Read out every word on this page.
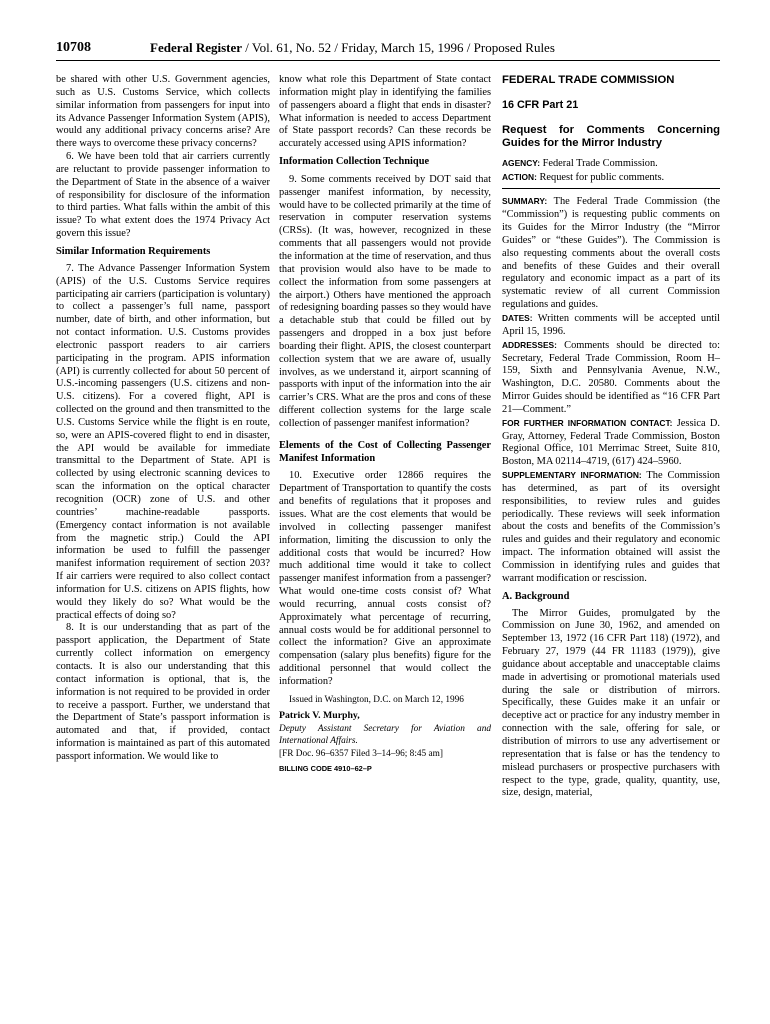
10708	Federal Register / Vol. 61, No. 52 / Friday, March 15, 1996 / Proposed Rules

be shared with other U.S. Government agencies, such as U.S. Customs Service, which collects similar information from passengers for input into its Advance Passenger Information System (APIS), would any additional privacy concerns arise? Are there ways to overcome these privacy concerns?

6. We have been told that air carriers currently are reluctant to provide passenger information to the Department of State in the absence of a waiver of responsibility for disclosure of the information to third parties. What falls within the ambit of this issue? To what extent does the 1974 Privacy Act govern this issue?

Similar Information Requirements

7. The Advance Passenger Information System (APIS) of the U.S. Customs Service requires participating air carriers (participation is voluntary) to collect a passenger’s full name, passport number, date of birth, and other information, but not contact information. U.S. Customs provides electronic passport readers to air carriers participating in the program. APIS information (API) is currently collected for about 50 percent of U.S.-incoming passengers (U.S. citizens and non-U.S. citizens). For a covered flight, API is collected on the ground and then transmitted to the U.S. Customs Service while the flight is en route, so, were an APIS-covered flight to end in disaster, the API would be available for immediate transmittal to the Department of State. API is collected by using electronic scanning devices to scan the information on the optical character recognition (OCR) zone of U.S. and other countries’ machine-readable passports. (Emergency contact information is not available from the magnetic strip.) Could the API information be used to fulfill the passenger manifest information requirement of section 203? If air carriers were required to also collect contact information for U.S. citizens on APIS flights, how would they likely do so? What would be the practical effects of doing so?

8. It is our understanding that as part of the passport application, the Department of State currently collect information on emergency contacts. It is also our understanding that this contact information is optional, that is, the information is not required to be provided in order to receive a passport. Further, we understand that the Department of State’s passport information is automated and that, if provided, contact information is maintained as part of this automated passport information. We would like to

know what role this Department of State contact information might play in identifying the families of passengers aboard a flight that ends in disaster? What information is needed to access Department of State passport records? Can these records be accurately accessed using APIS information?

Information Collection Technique

9. Some comments received by DOT said that passenger manifest information, by necessity, would have to be collected primarily at the time of reservation in computer reservation systems (CRSs). (It was, however, recognized in these comments that all passengers would not provide the information at the time of reservation, and thus that provision would also have to be made to collect the information from some passengers at the airport.) Others have mentioned the approach of redesigning boarding passes so they would have a detachable stub that could be filled out by passengers and dropped in a box just before boarding their flight. APIS, the closest counterpart collection system that we are aware of, usually involves, as we understand it, airport scanning of passports with input of the information into the air carrier’s CRS. What are the pros and cons of these different collection systems for the large scale collection of passenger manifest information?

Elements of the Cost of Collecting Passenger Manifest Information

10. Executive order 12866 requires the Department of Transportation to quantify the costs and benefits of regulations that it proposes and issues. What are the cost elements that would be involved in collecting passenger manifest information, limiting the discussion to only the additional costs that would be incurred? How much additional time would it take to collect passenger manifest information from a passenger? What would one-time costs consist of? What would recurring, annual costs consist of? Approximately what percentage of recurring, annual costs would be for additional personnel to collect the information? Give an approximate compensation (salary plus benefits) figure for the additional personnel that would collect the information?

Issued in Washington, D.C. on March 12, 1996

Patrick V. Murphy,
Deputy Assistant Secretary for Aviation and International Affairs.
[FR Doc. 96–6357 Filed 3–14–96; 8:45 am]
BILLING CODE 4910–62–P
FEDERAL TRADE COMMISSION
16 CFR Part 21
Request for Comments Concerning Guides for the Mirror Industry

AGENCY: Federal Trade Commission.

ACTION: Request for public comments.

SUMMARY: The Federal Trade Commission (the “Commission”) is requesting public comments on its Guides for the Mirror Industry (the “Mirror Guides” or “these Guides”). The Commission is also requesting comments about the overall costs and benefits of these Guides and their overall regulatory and economic impact as a part of its systematic review of all current Commission regulations and guides.

DATES: Written comments will be accepted until April 15, 1996.

ADDRESSES: Comments should be directed to: Secretary, Federal Trade Commission, Room H–159, Sixth and Pennsylvania Avenue, N.W., Washington, D.C. 20580. Comments about the Mirror Guides should be identified as “16 CFR Part 21—Comment.”

FOR FURTHER INFORMATION CONTACT: Jessica D. Gray, Attorney, Federal Trade Commission, Boston Regional Office, 101 Merrimac Street, Suite 810, Boston, MA 02114–4719, (617) 424–5960.

SUPPLEMENTARY INFORMATION: The Commission has determined, as part of its oversight responsibilities, to review rules and guides periodically. These reviews will seek information about the costs and benefits of the Commission’s rules and guides and their regulatory and economic impact. The information obtained will assist the Commission in identifying rules and guides that warrant modification or rescission.

A. Background

The Mirror Guides, promulgated by the Commission on June 30, 1962, and amended on September 13, 1972 (16 CFR Part 118) (1972), and February 27, 1979 (44 FR 11183 (1979)), give guidance about acceptable and unacceptable claims made in advertising or promotional materials used during the sale or distribution of mirrors. Specifically, these Guides make it an unfair or deceptive act or practice for any industry member in connection with the sale, offering for sale, or distribution of mirrors to use any advertisement or representation that is false or has the tendency to mislead purchasers or prospective purchasers with respect to the type, grade, quality, quantity, use, size, design, material,
